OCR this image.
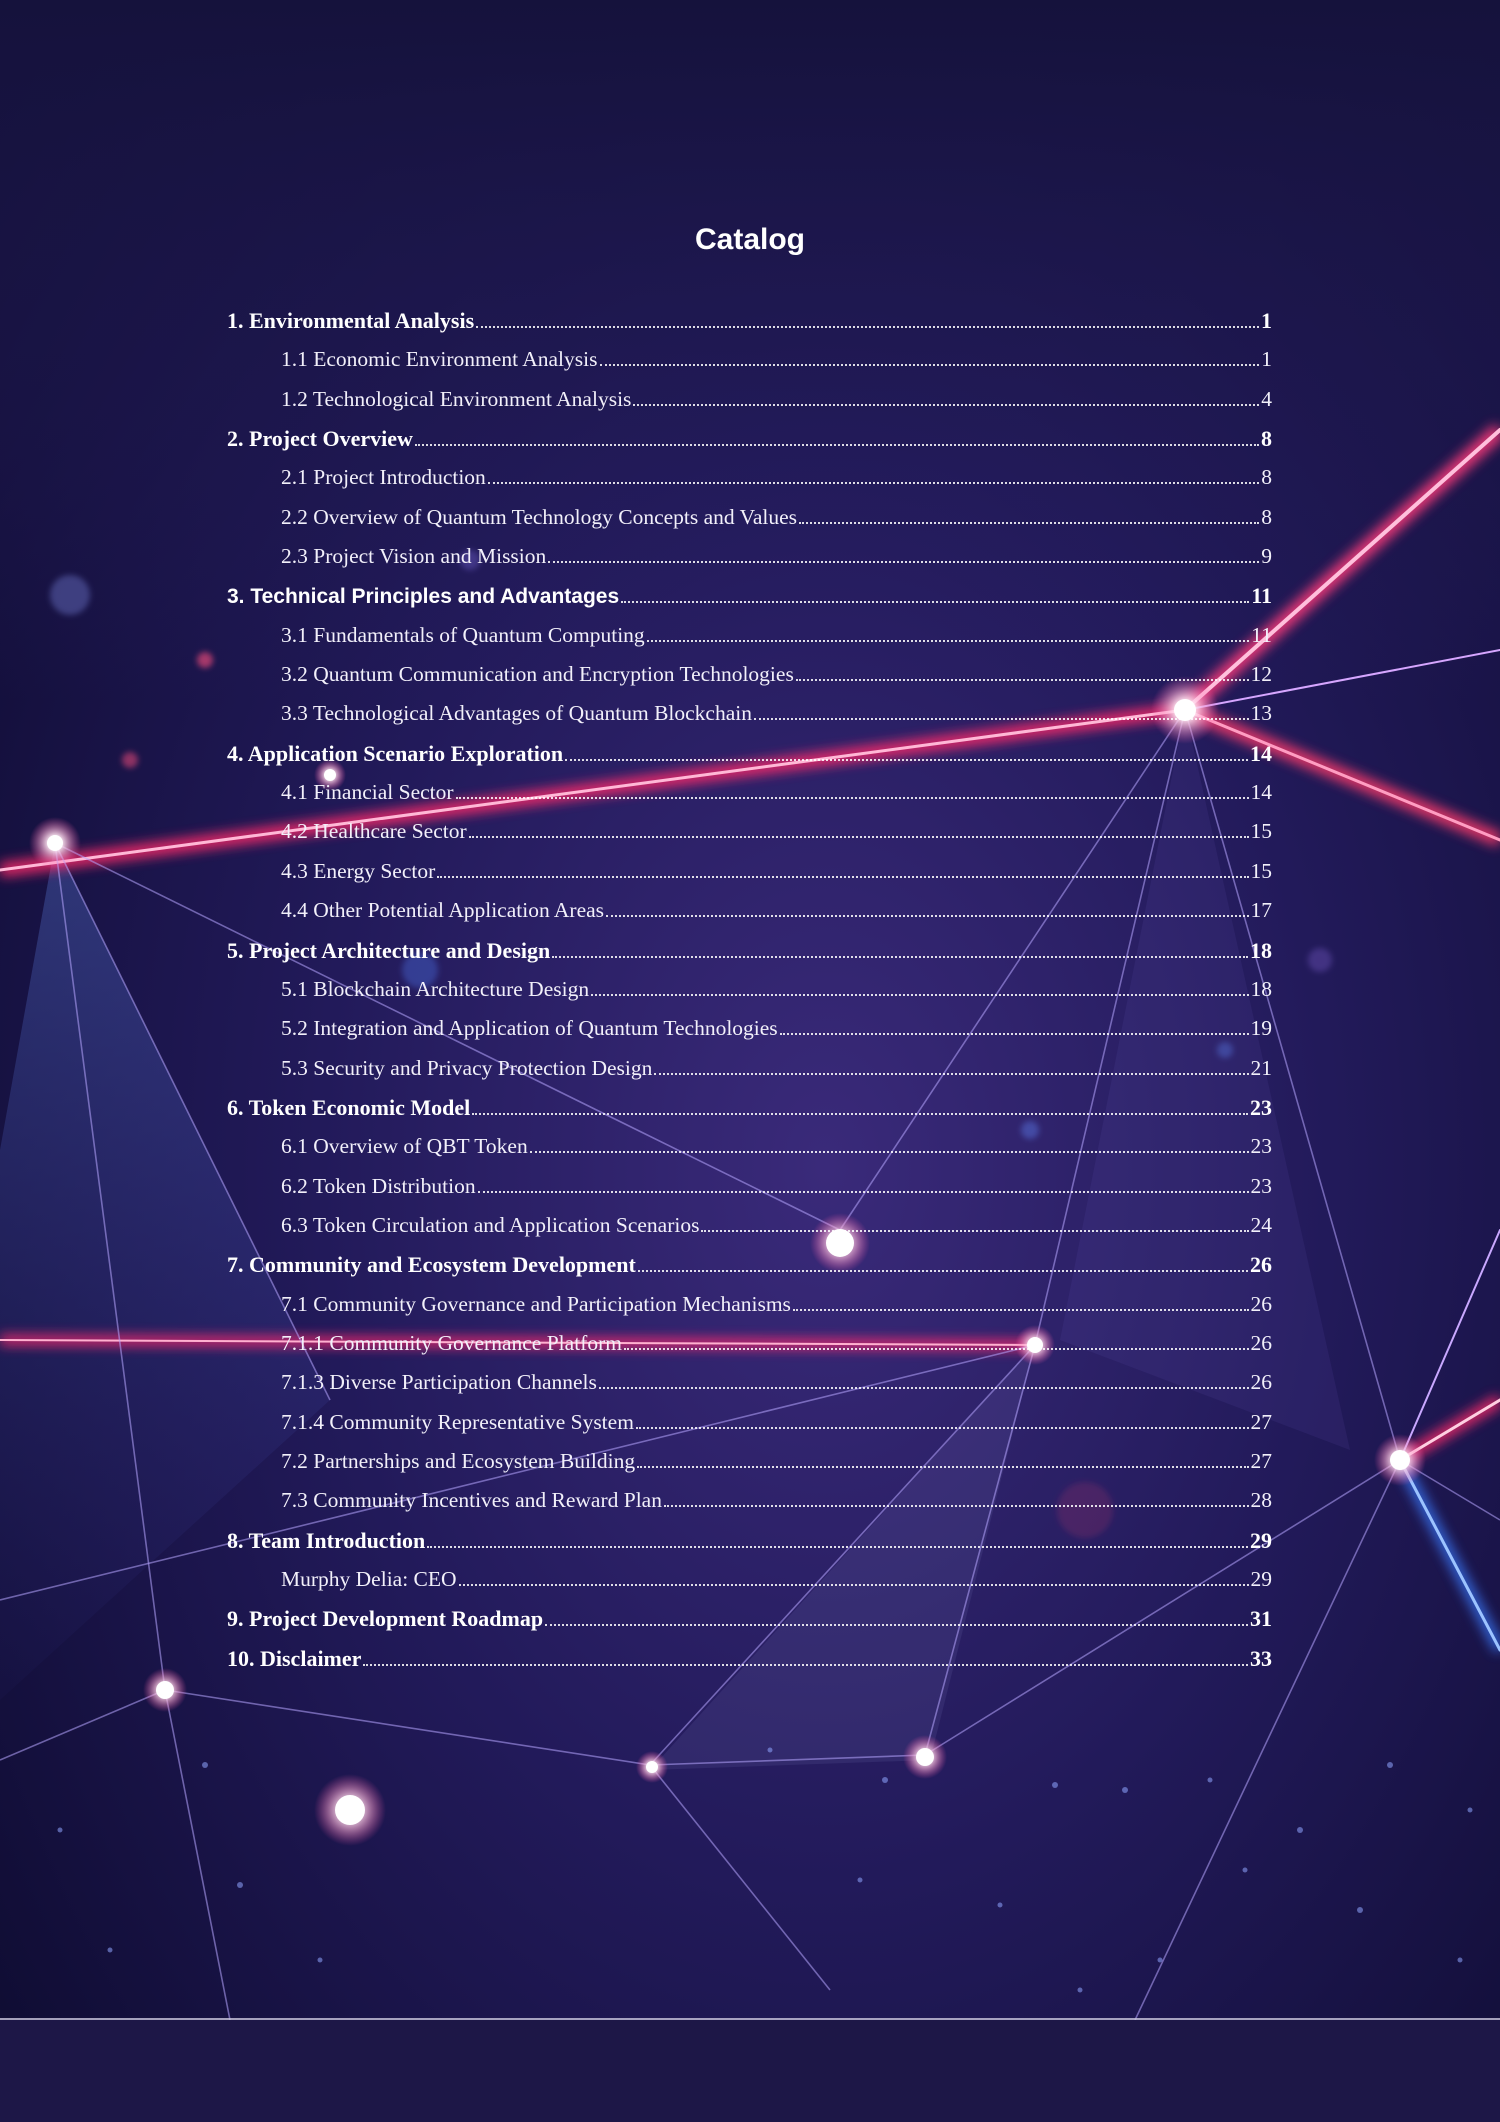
Catalog
1. Environmental Analysis	1
1.1 Economic Environment Analysis	1
1.2 Technological Environment Analysis	4
2. Project Overview	8
2.1 Project Introduction	8
2.2 Overview of Quantum Technology Concepts and Values	8
2.3 Project Vision and Mission	9
3. Technical Principles and Advantages	11
3.1 Fundamentals of Quantum Computing	11
3.2 Quantum Communication and Encryption Technologies	12
3.3 Technological Advantages of Quantum Blockchain	13
4. Application Scenario Exploration	14
4.1 Financial Sector	14
4.2 Healthcare Sector	15
4.3 Energy Sector	15
4.4 Other Potential Application Areas	17
5. Project Architecture and Design	18
5.1 Blockchain Architecture Design	18
5.2 Integration and Application of Quantum Technologies	19
5.3 Security and Privacy Protection Design	21
6. Token Economic Model	23
6.1 Overview of QBT Token	23
6.2 Token Distribution	23
6.3 Token Circulation and Application Scenarios	24
7. Community and Ecosystem Development	26
7.1 Community Governance and Participation Mechanisms	26
7.1.1 Community Governance Platform	26
7.1.3 Diverse Participation Channels	26
7.1.4 Community Representative System	27
7.2 Partnerships and Ecosystem Building	27
7.3 Community Incentives and Reward Plan	28
8. Team Introduction	29
Murphy Delia: CEO	29
9. Project Development Roadmap	31
10. Disclaimer	33
